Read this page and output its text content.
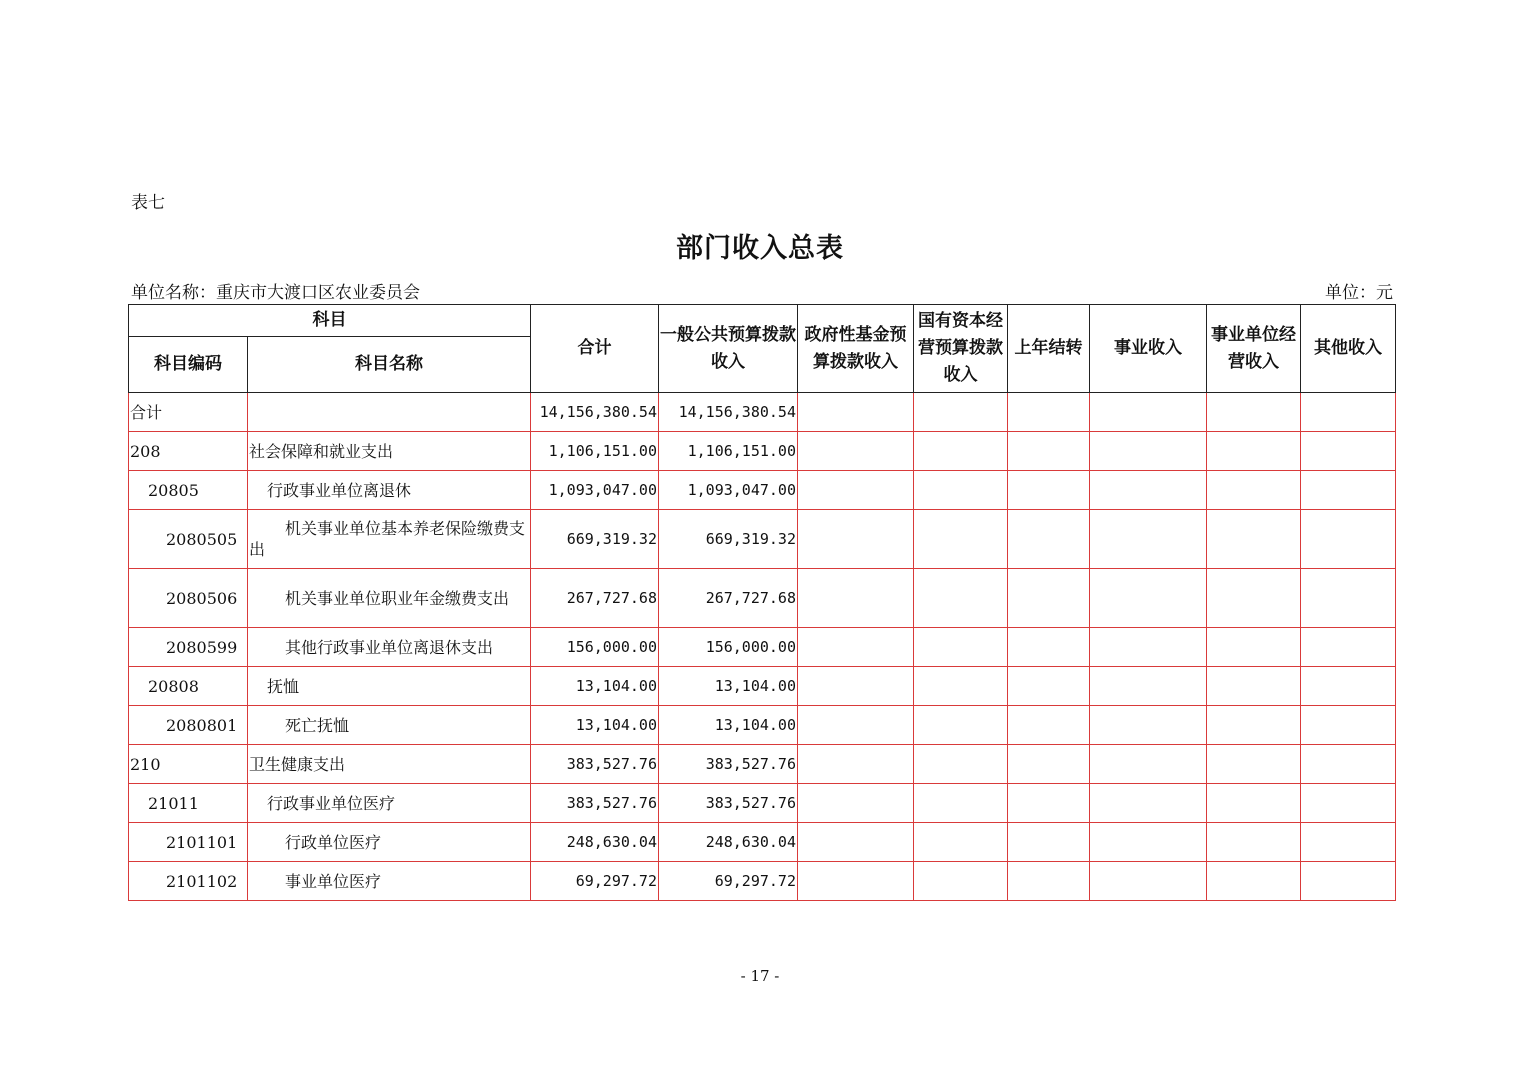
表七
部门收入总表
单位名称：重庆市大渡口区农业委员会	单位：元
科目		合计	一般公共预算拨款收入	政府性基金预算拨款收入	国有资本经营预算拨款收入	上年结转	事业收入	事业单位经营收入	其他收入
科目编码	科目名称								
合计		14,156,380.54	14,156,380.54						
208	社会保障和就业支出	1,106,151.00	1,106,151.00						
20805	行政事业单位离退休	1,093,047.00	1,093,047.00						
2080505	机关事业单位基本养老保险缴费支出	669,319.32	669,319.32						
2080506	机关事业单位职业年金缴费支出	267,727.68	267,727.68						
2080599	其他行政事业单位离退休支出	156,000.00	156,000.00						
20808	抚恤	13,104.00	13,104.00						
2080801	死亡抚恤	13,104.00	13,104.00						
210	卫生健康支出	383,527.76	383,527.76						
21011	行政事业单位医疗	383,527.76	383,527.76						
2101101	行政单位医疗	248,630.04	248,630.04						
2101102	事业单位医疗	69,297.72	69,297.72						
- 17 -
